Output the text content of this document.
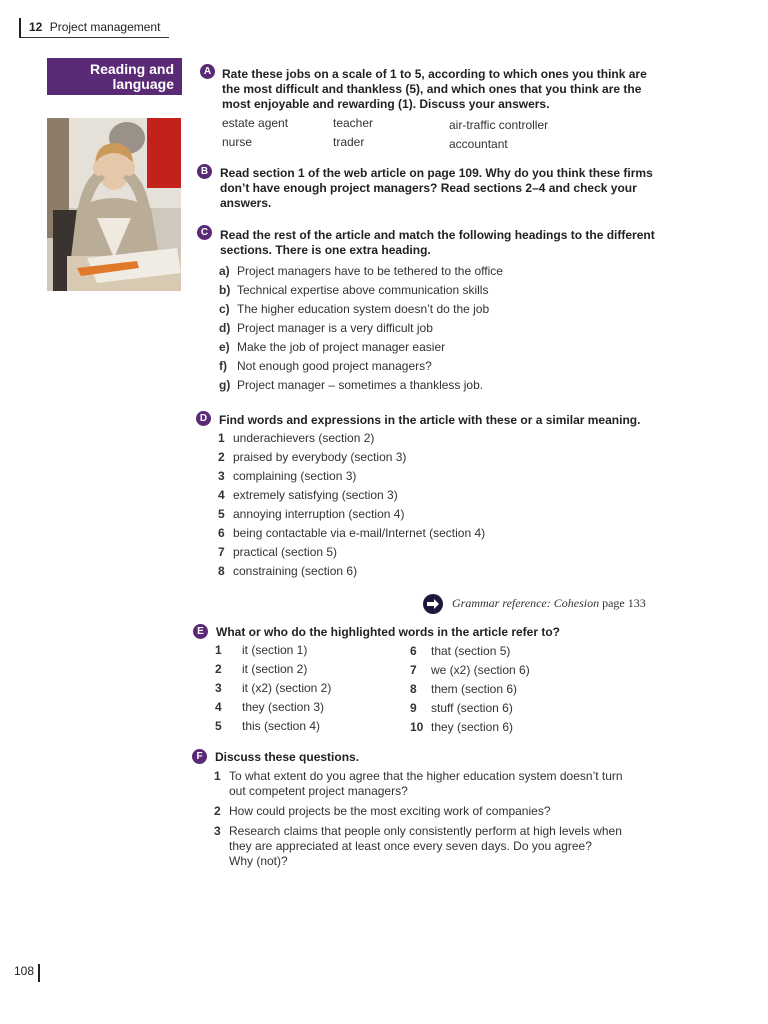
12 Project management
Reading and
language
A Rate these jobs on a scale of 1 to 5, according to which ones you think are the most difficult and thankless (5), and which ones that you think are the most enjoyable and rewarding (1). Discuss your answers.
estate agent	teacher	air-traffic controller
nurse	trader	accountant
B Read section 1 of the web article on page 109. Why do you think these firms don’t have enough project managers? Read sections 2–4 and check your answers.
C Read the rest of the article and match the following headings to the different sections. There is one extra heading.
a) Project managers have to be tethered to the office
b) Technical expertise above communication skills
c) The higher education system doesn’t do the job
d) Project manager is a very difficult job
e) Make the job of project manager easier
f) Not enough good project managers?
g) Project manager – sometimes a thankless job.
D Find words and expressions in the article with these or a similar meaning.
1 underachievers (section 2)
2 praised by everybody (section 3)
3 complaining (section 3)
4 extremely satisfying (section 3)
5 annoying interruption (section 4)
6 being contactable via e-mail/Internet (section 4)
7 practical (section 5)
8 constraining (section 6)
Grammar reference: Cohesion page 133
E	What or who do the highlighted words in the article refer to?
1 it (section 1)
2 it (section 2)
3 it (x2) (section 2)
4 they (section 3)
5 this (section 4)
6 that (section 5)
7 we (x2) (section 6)
8 them (section 6)
9 stuff (section 6)
10 they (section 6)
F	Discuss these questions.
1 To what extent do you agree that the higher education system doesn’t turn
out competent project managers?
2 How could projects be the most exciting work of companies?
3 Research claims that people only consistently perform at high levels when
they are appreciated at least once every seven days. Do you agree?
Why (not)?
108
